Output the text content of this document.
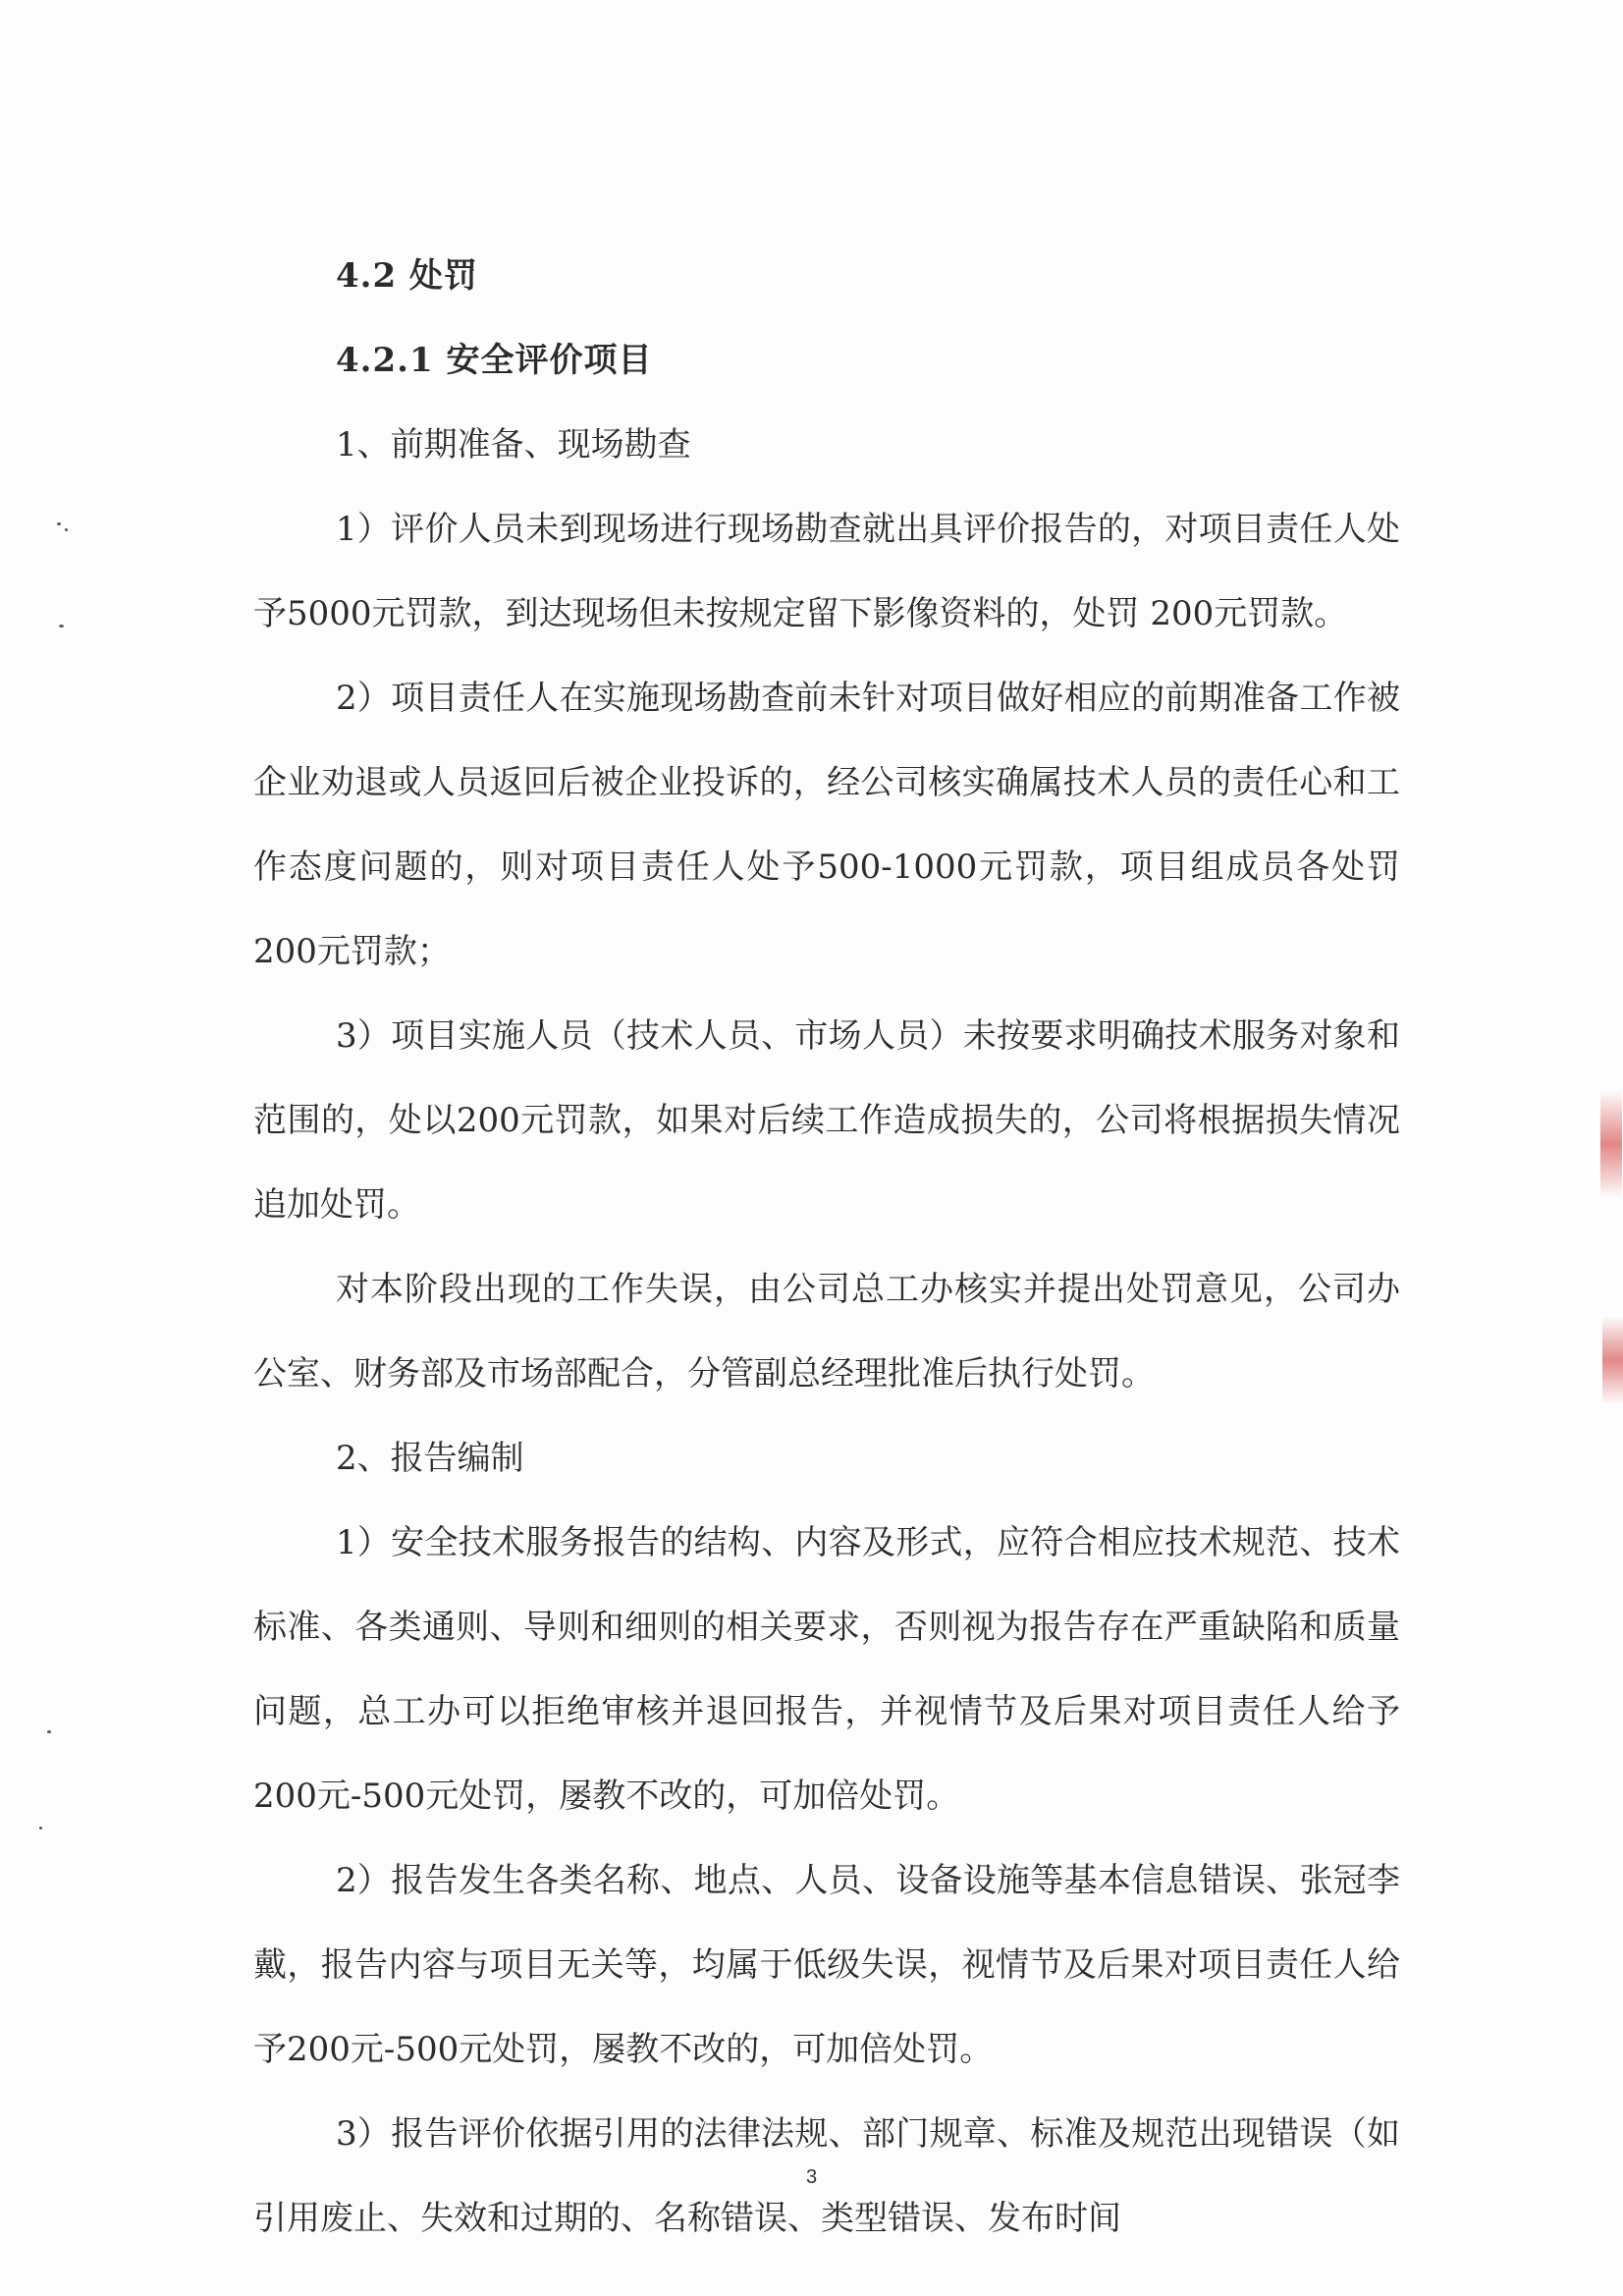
4.2 处罚
4.2.1 安全评价项目
1、前期准备、现场勘查

1）评价人员未到现场进行现场勘查就出具评价报告的，对项目责任人处予5000元罚款，到达现场但未按规定留下影像资料的，处罚 200元罚款。

2）项目责任人在实施现场勘查前未针对项目做好相应的前期准备工作被企业劝退或人员返回后被企业投诉的，经公司核实确属技术人员的责任心和工作态度问题的，则对项目责任人处予500-1000元罚款，项目组成员各处罚200元罚款；

3）项目实施人员（技术人员、市场人员）未按要求明确技术服务对象和范围的，处以200元罚款，如果对后续工作造成损失的，公司将根据损失情况追加处罚。

对本阶段出现的工作失误，由公司总工办核实并提出处罚意见，公司办公室、财务部及市场部配合，分管副总经理批准后执行处罚。

2、报告编制

1）安全技术服务报告的结构、内容及形式，应符合相应技术规范、技术标准、各类通则、导则和细则的相关要求，否则视为报告存在严重缺陷和质量问题，总工办可以拒绝审核并退回报告，并视情节及后果对项目责任人给予200元-500元处罚，屡教不改的，可加倍处罚。

2）报告发生各类名称、地点、人员、设备设施等基本信息错误、张冠李戴，报告内容与项目无关等，均属于低级失误，视情节及后果对项目责任人给予200元-500元处罚，屡教不改的，可加倍处罚。

3）报告评价依据引用的法律法规、部门规章、标准及规范出现错误（如引用废止、失效和过期的、名称错误、类型错误、发布时间

3
